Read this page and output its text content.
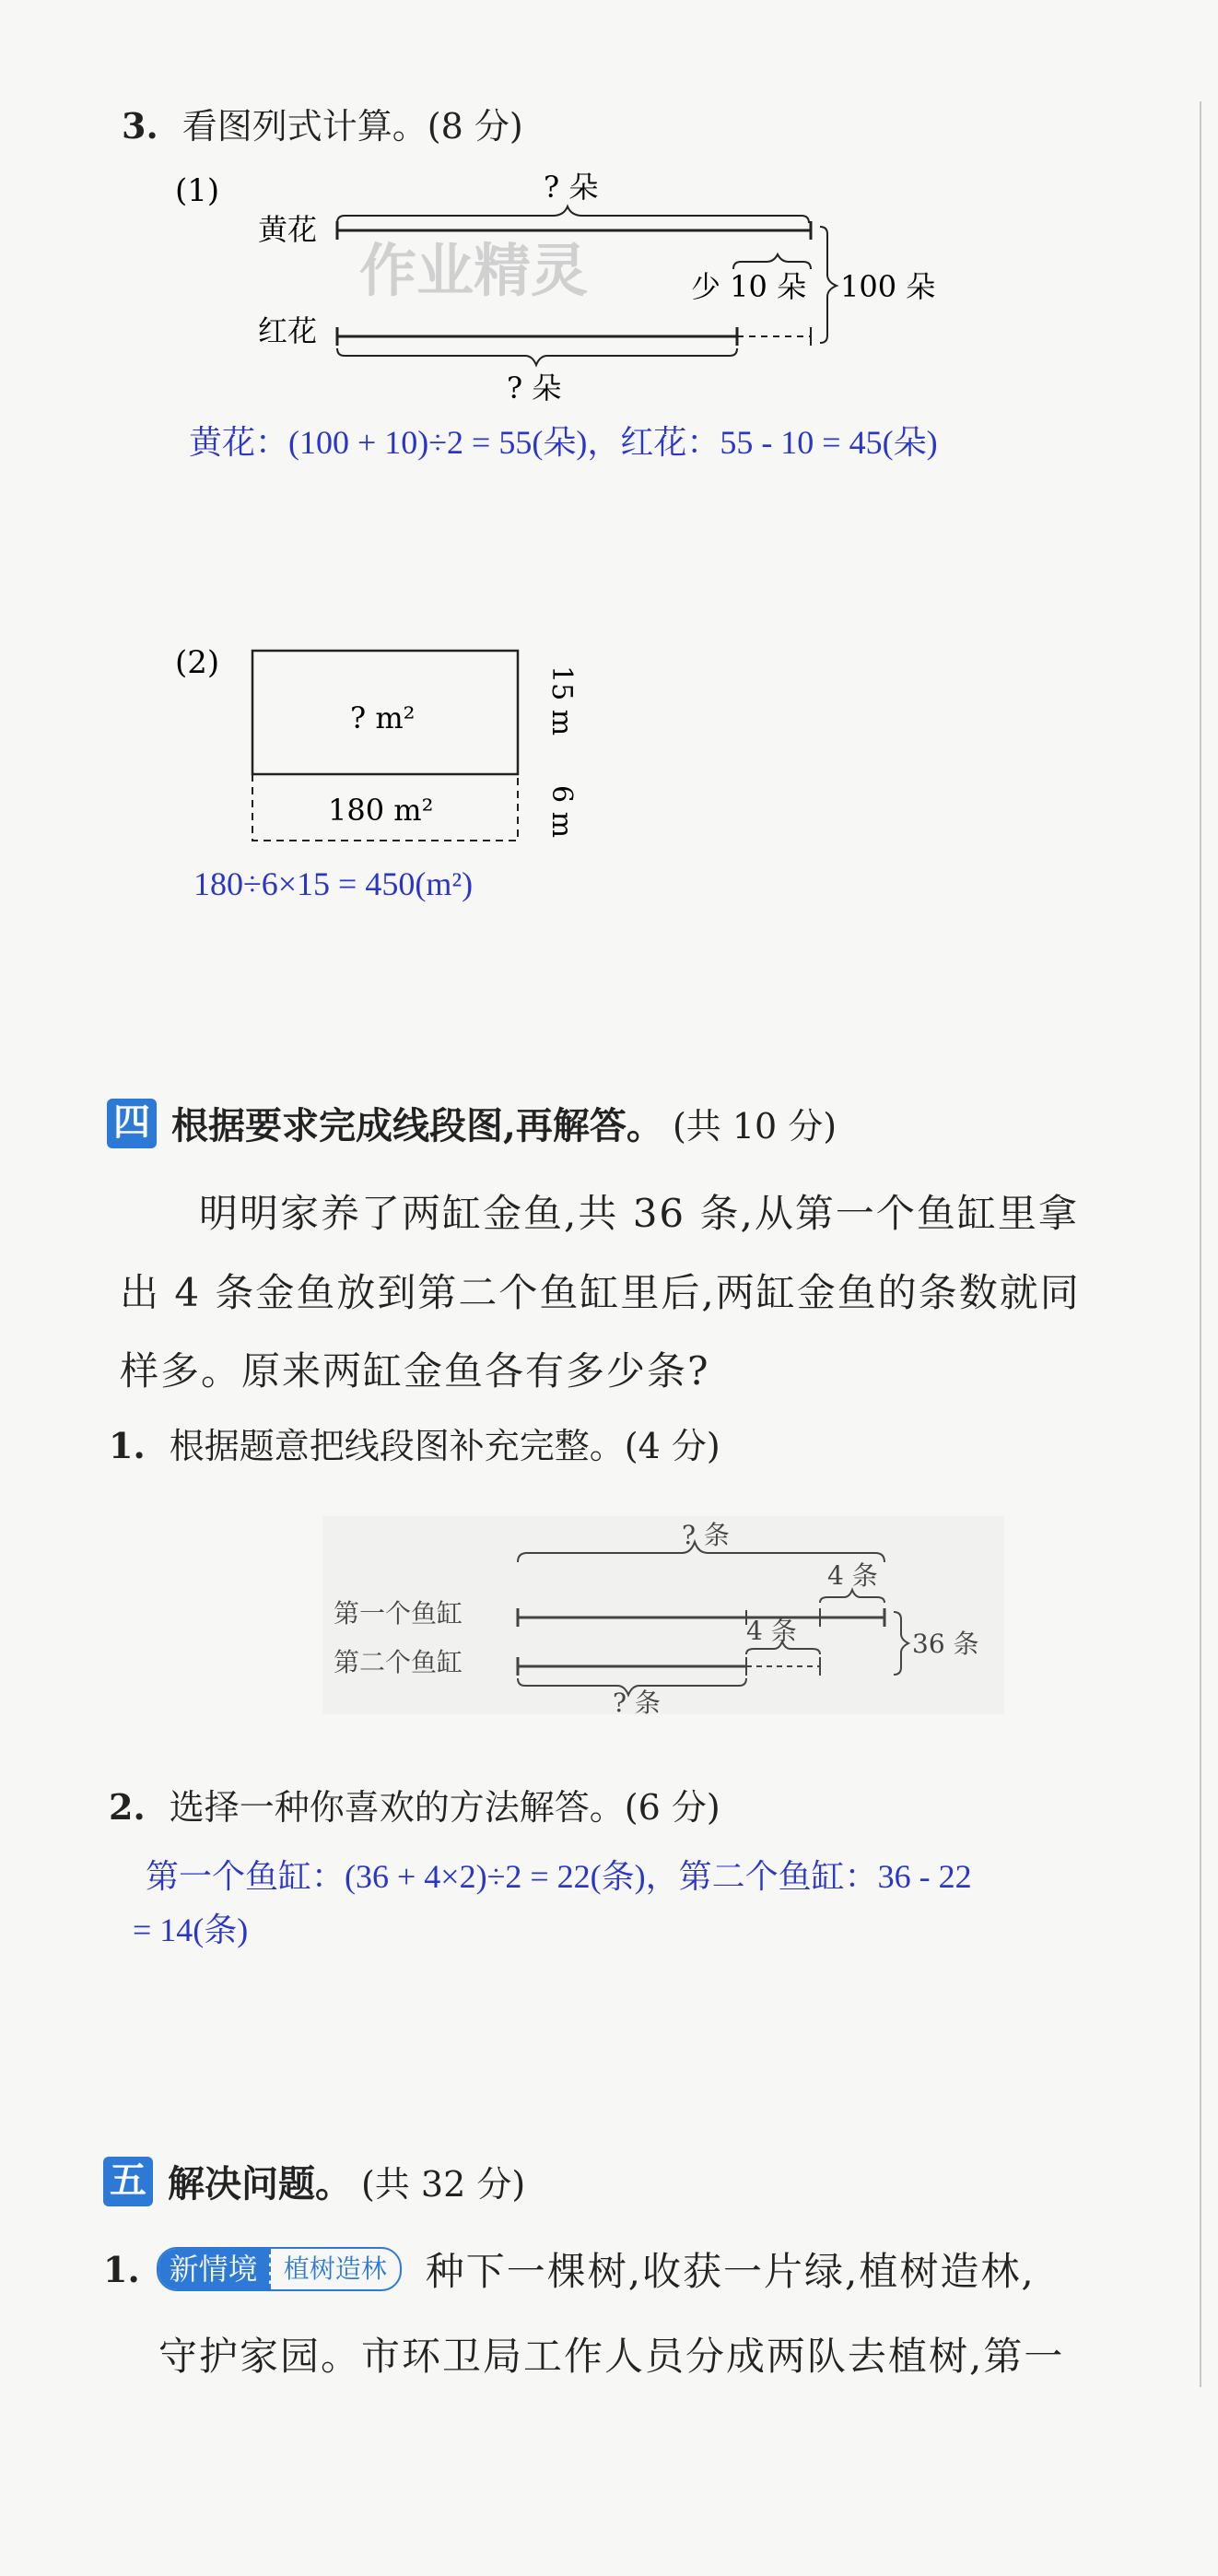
3. 看图列式计算。(8 分)
(1)
黄花
红花
作业精灵
? 朵
少 10 朵
? 朵
100 朵
黄花：(100 + 10)÷2 = 55(朵)，红花：55 - 10 = 45(朵)
(2)
? m²
180 m²
15 m
6 m
180÷6×15 = 450(m²)
四 根据要求完成线段图,再解答。 (共 10 分)
明明家养了两缸金鱼,共 36 条,从第一个鱼缸里拿
出 4 条金鱼放到第二个鱼缸里后,两缸金鱼的条数就同
样多。原来两缸金鱼各有多少条?
1. 根据题意把线段图补充完整。(4 分)
第一个鱼缸
第二个鱼缸
? 条
4 条
4 条
? 条
36 条
2. 选择一种你喜欢的方法解答。(6 分)
第一个鱼缸：(36 + 4×2)÷2 = 22(条)，第二个鱼缸：36 - 22
= 14(条)
五 解决问题。 (共 32 分)
1.	新情境	植树造林	种下一棵树,收获一片绿,植树造林,
守护家园。市环卫局工作人员分成两队去植树,第一
